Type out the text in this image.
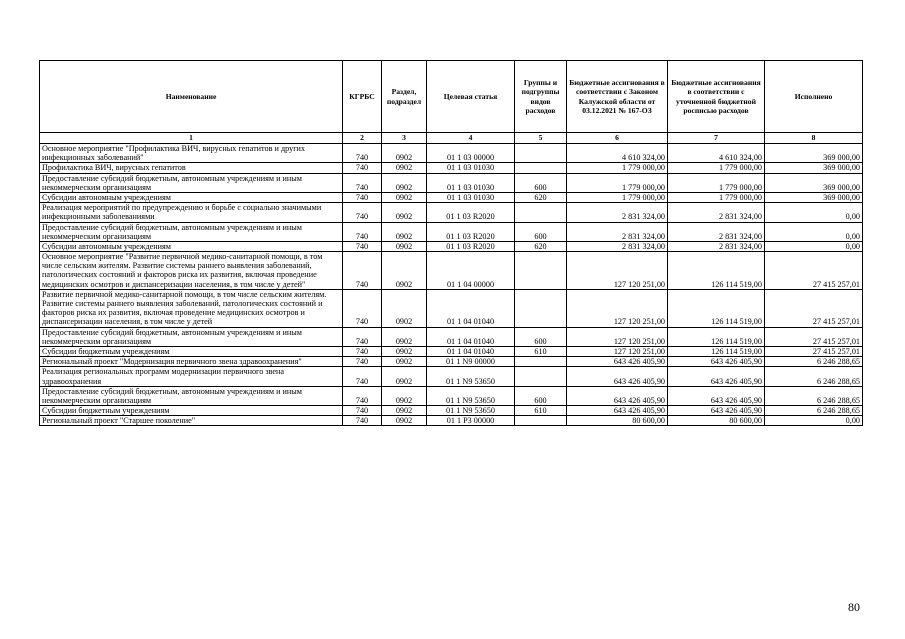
Наименование	КГРБС	Раздел, подраздел	Целевая статья	Группы и подгруппы видов расходов	Бюджетные ассигнования в соответствии с Законом Калужской области от 03.12.2021 № 167-ОЗ	Бюджетные ассигнования в соответствии с уточненной бюджетной росписью расходов	Исполнено
1	2	3	4	5	6	7	8
Основное мероприятие "Профилактика ВИЧ, вирусных гепатитов и других инфекционных заболеваний"	740	0902	01 1 03 00000		4 610 324,00	4 610 324,00	369 000,00
Профилактика ВИЧ, вирусных гепатитов	740	0902	01 1 03 01030		1 779 000,00	1 779 000,00	369 000,00
Предоставление субсидий бюджетным, автономным учреждениям и иным некоммерческим организациям	740	0902	01 1 03 01030	600	1 779 000,00	1 779 000,00	369 000,00
Субсидии автономным учреждениям	740	0902	01 1 03 01030	620	1 779 000,00	1 779 000,00	369 000,00
Реализация мероприятий по предупреждению и борьбе с социально значимыми инфекционными заболеваниями	740	0902	01 1 03 R2020		2 831 324,00	2 831 324,00	0,00
Предоставление субсидий бюджетным, автономным учреждениям и иным некоммерческим организациям	740	0902	01 1 03 R2020	600	2 831 324,00	2 831 324,00	0,00
Субсидии автономным учреждениям	740	0902	01 1 03 R2020	620	2 831 324,00	2 831 324,00	0,00
Основное мероприятие "Развитие первичной медико-санитарной помощи, в том числе сельским жителям. Развитие системы раннего выявления заболеваний, патологических состояний и факторов риска их развития, включая проведение медицинских осмотров и диспансеризации населения, в том числе у детей"	740	0902	01 1 04 00000		127 120 251,00	126 114 519,00	27 415 257,01
Развитие первичной медико-санитарной помощи, в том числе сельским жителям. Развитие системы раннего выявления заболеваний, патологических состояний и факторов риска их развития, включая проведение медицинских осмотров и диспансеризации населения, в том числе у детей	740	0902	01 1 04 01040		127 120 251,00	126 114 519,00	27 415 257,01
Предоставление субсидий бюджетным, автономным учреждениям и иным некоммерческим организациям	740	0902	01 1 04 01040	600	127 120 251,00	126 114 519,00	27 415 257,01
Субсидии бюджетным учреждениям	740	0902	01 1 04 01040	610	127 120 251,00	126 114 519,00	27 415 257,01
Региональный проект "Модернизация первичного звена здравоохранения"	740	0902	01 1 N9 00000		643 426 405,90	643 426 405,90	6 246 288,65
Реализация региональных программ модернизации первичного звена здравоохранения	740	0902	01 1 N9 53650		643 426 405,90	643 426 405,90	6 246 288,65
Предоставление субсидий бюджетным, автономным учреждениям и иным некоммерческим организациям	740	0902	01 1 N9 53650	600	643 426 405,90	643 426 405,90	6 246 288,65
Субсидии бюджетным учреждениям	740	0902	01 1 N9 53650	610	643 426 405,90	643 426 405,90	6 246 288,65
Региональный проект "Старшее поколение"	740	0902	01 1 P3 00000		80 600,00	80 600,00	0,00
80
